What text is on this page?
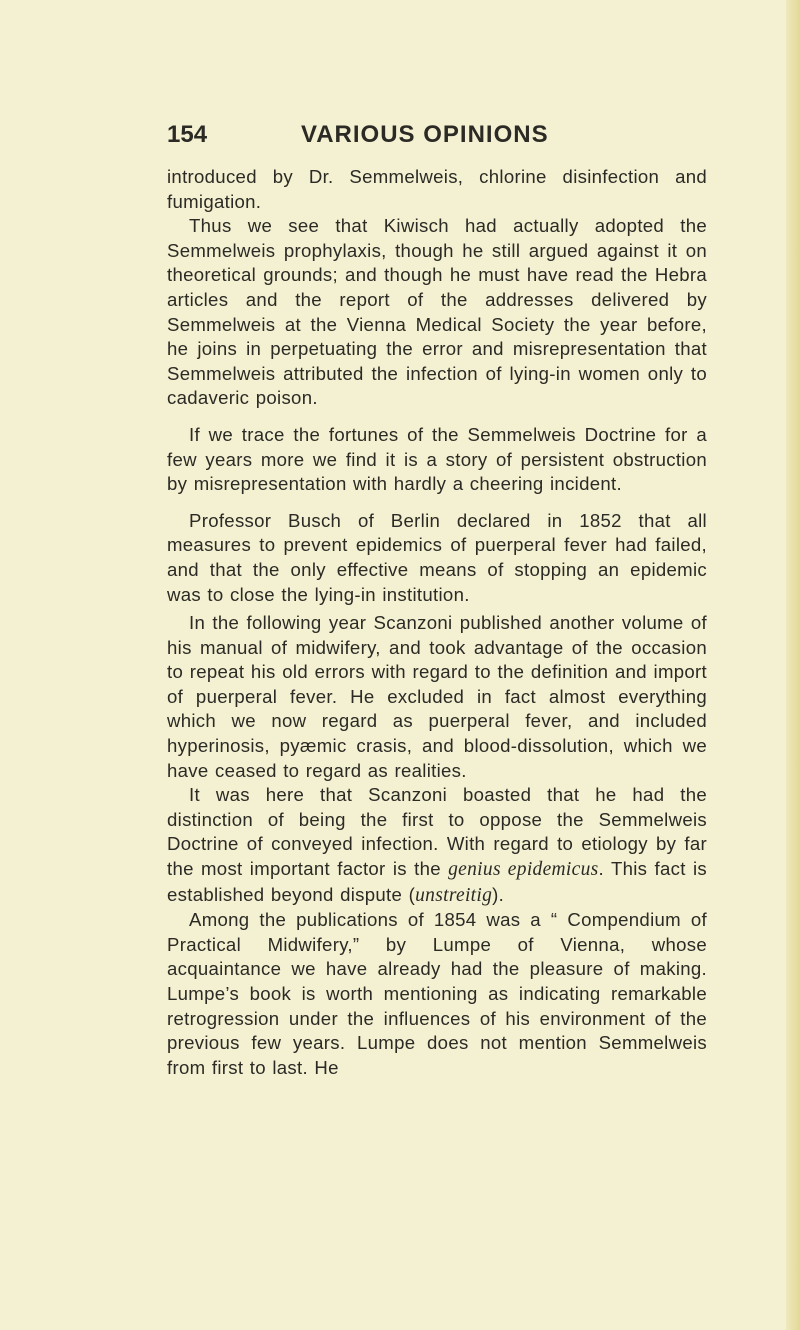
154	VARIOUS OPINIONS

introduced by Dr. Semmelweis, chlorine disinfection and fumigation.

Thus we see that Kiwisch had actually adopted the Semmelweis prophylaxis, though he still argued against it on theoretical grounds; and though he must have read the Hebra articles and the report of the addresses delivered by Semmelweis at the Vienna Medical Society the year before, he joins in perpetuating the error and misrepresentation that Semmelweis attributed the infection of lying-in women only to cadaveric poison.

If we trace the fortunes of the Semmelweis Doctrine for a few years more we find it is a story of persistent obstruction by misrepresentation with hardly a cheering incident.

Professor Busch of Berlin declared in 1852 that all measures to prevent epidemics of puerperal fever had failed, and that the only effective means of stopping an epidemic was to close the lying-in institution.

In the following year Scanzoni published another volume of his manual of midwifery, and took advantage of the occasion to repeat his old errors with regard to the definition and import of puerperal fever. He excluded in fact almost everything which we now regard as puerperal fever, and included hyperinosis, pyæmic crasis, and blood-dissolution, which we have ceased to regard as realities.

It was here that Scanzoni boasted that he had the distinction of being the first to oppose the Semmelweis Doctrine of conveyed infection. With regard to etiology by far the most important factor is the genius epidemicus. This fact is established beyond dispute (unstreitig).

Among the publications of 1854 was a “ Compendium of Practical Midwifery,” by Lumpe of Vienna, whose acquaintance we have already had the pleasure of making. Lumpe’s book is worth mentioning as indicating remarkable retrogression under the influences of his environment of the previous few years. Lumpe does not mention Semmelweis from first to last. He
